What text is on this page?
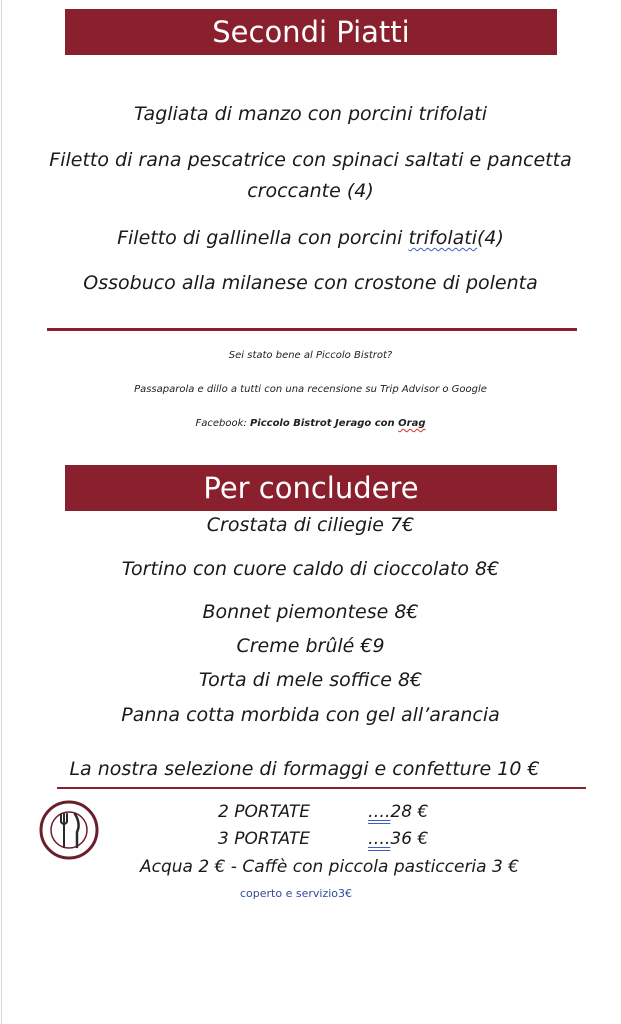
Secondi Piatti
Tagliata di manzo con porcini trifolati
Filetto di rana pescatrice con spinaci saltati e pancetta
croccante (4)
Filetto di gallinella con porcini trifolati(4)
Ossobuco alla milanese con crostone di polenta
Sei stato bene al Piccolo Bistrot?
Passaparola e dillo a tutti con una recensione su Trip Advisor o Google
Facebook: Piccolo Bistrot Jerago con Orag
Per concludere
Crostata di ciliegie 7€
Tortino con cuore caldo di cioccolato 8€
Bonnet piemontese 8€
Creme brûlé €9
Torta di mele soffice 8€
Panna cotta morbida con gel all’arancia
La nostra selezione di formaggi e confetture 10 €
2 PORTATE	….28 €
3 PORTATE	….36 €
Acqua 2 € - Caffè con piccola pasticceria 3 €
coperto e servizio3€
